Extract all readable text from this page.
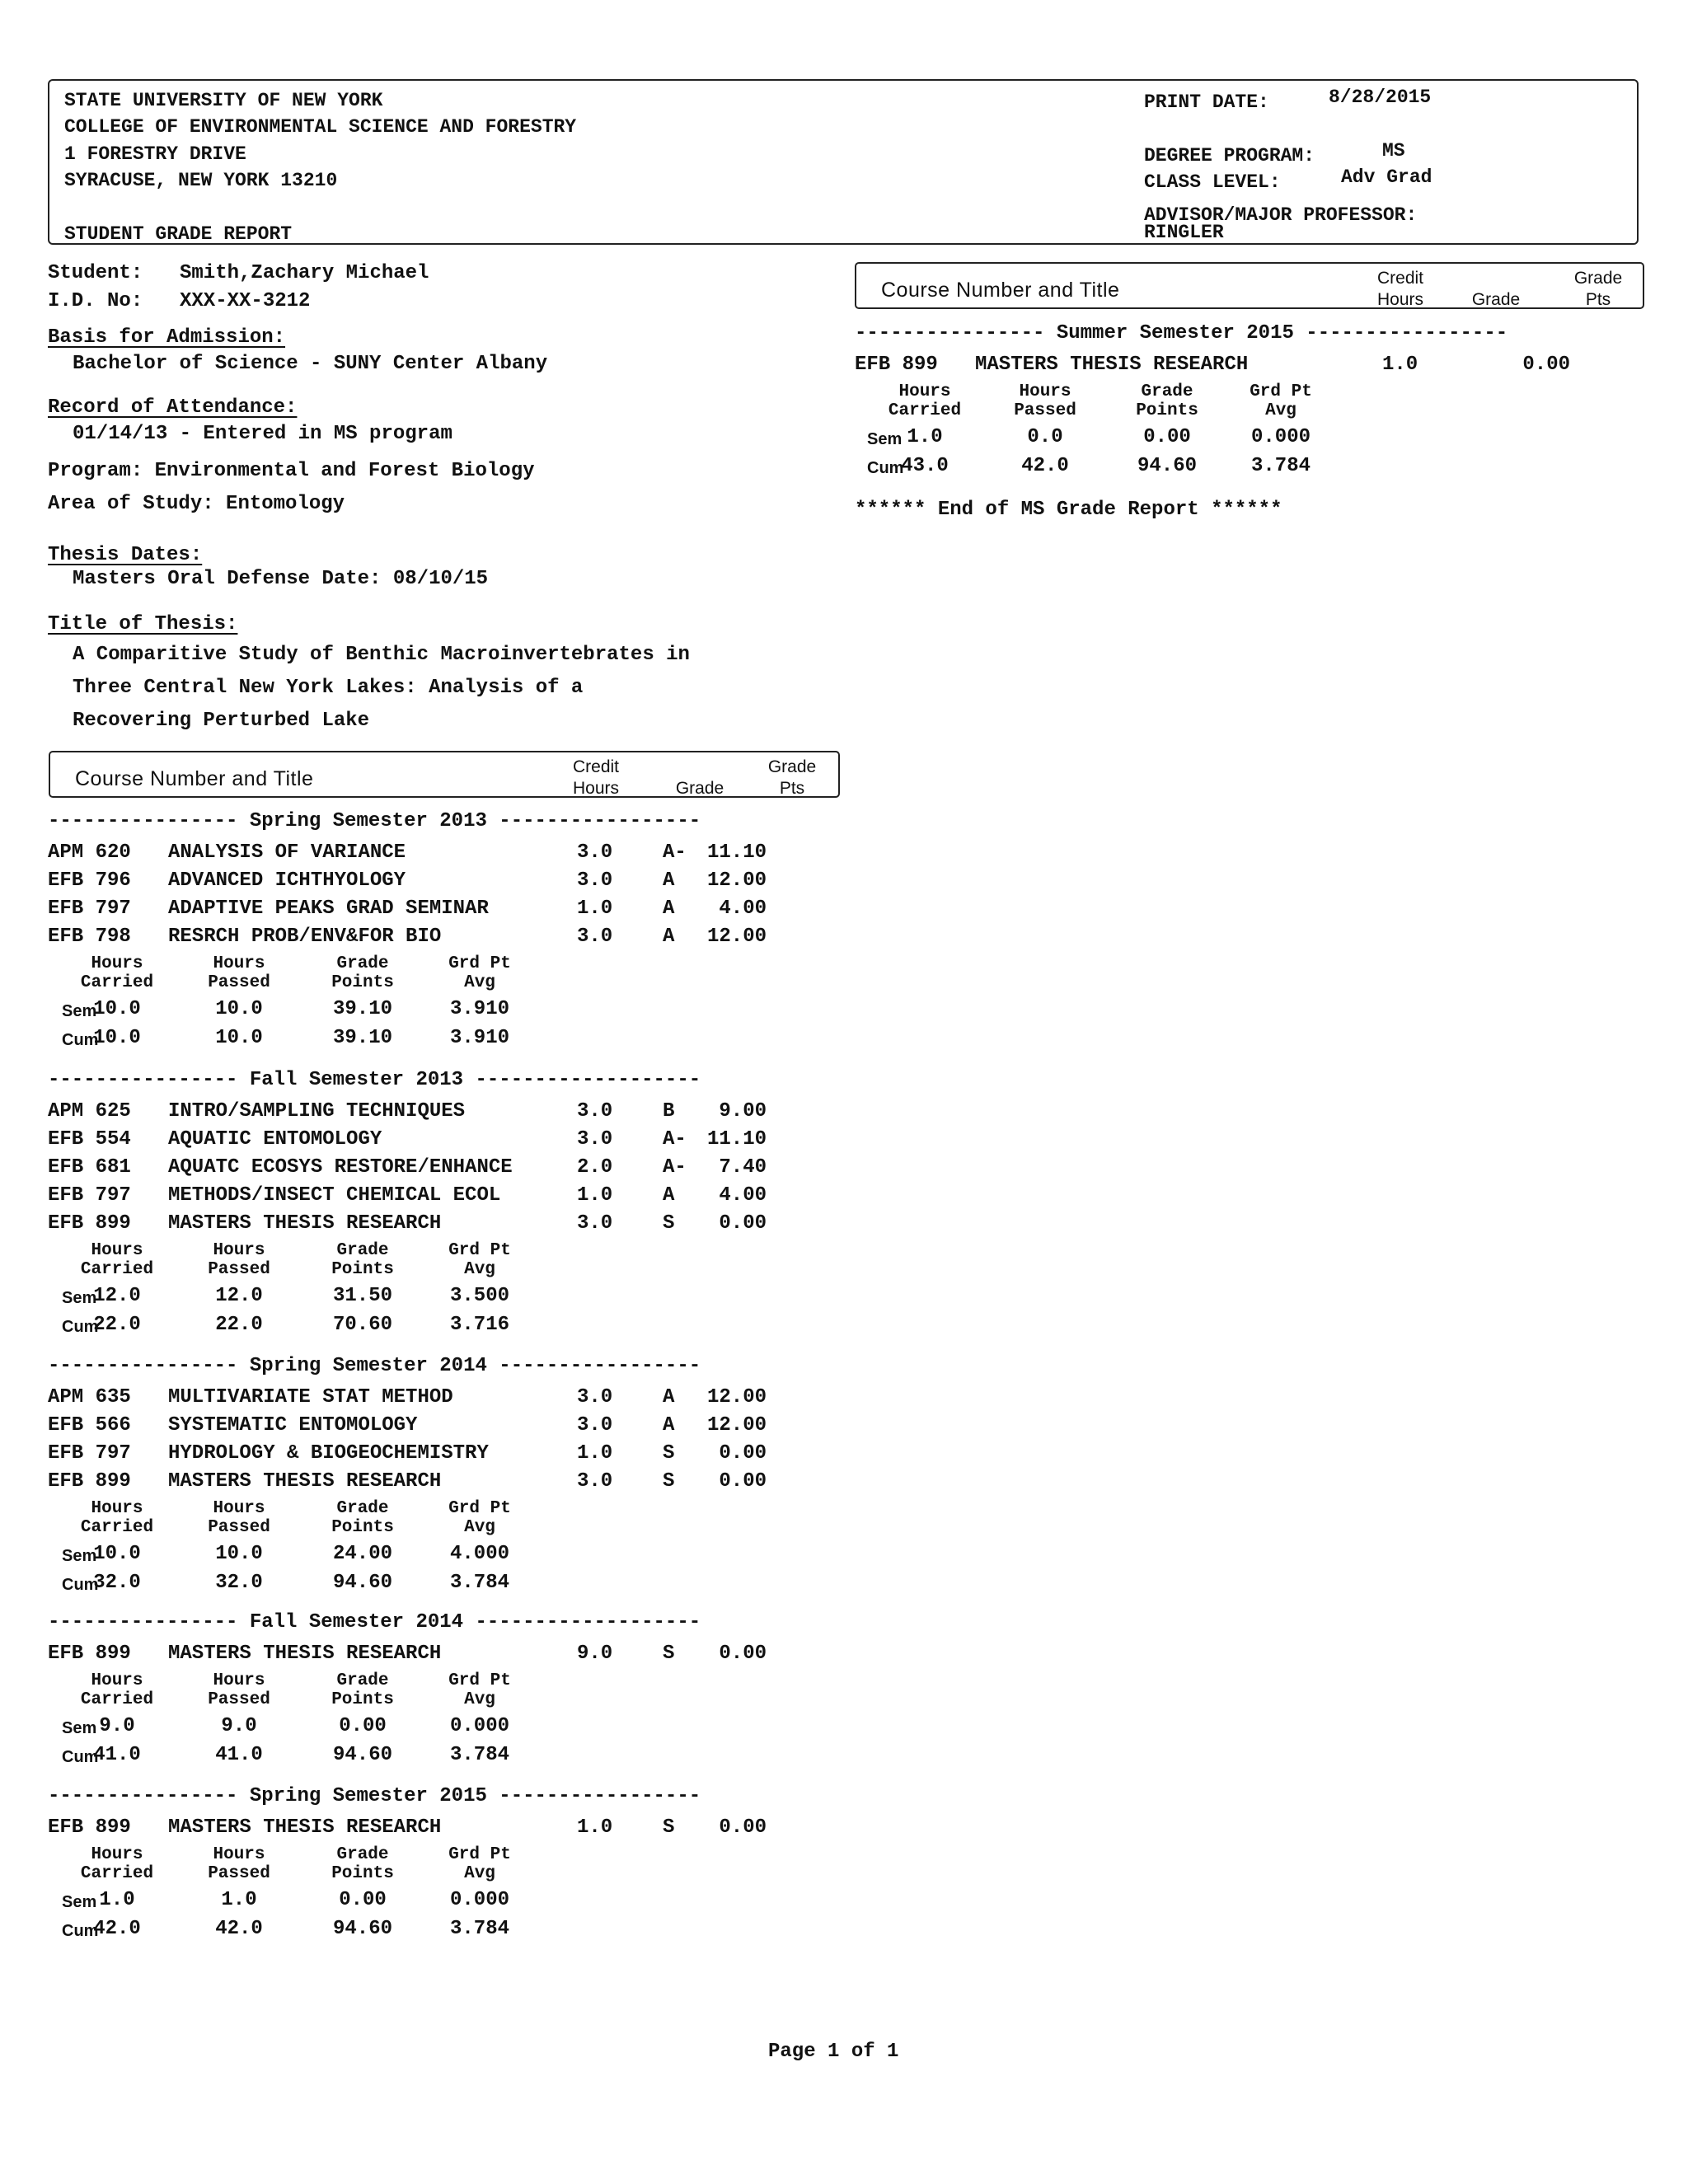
STATE UNIVERSITY OF NEW YORK
COLLEGE OF ENVIRONMENTAL SCIENCE AND FORESTRY
1 FORESTRY DRIVE
SYRACUSE, NEW YORK 13210
STUDENT GRADE REPORT
PRINT DATE:	8/28/2015
DEGREE PROGRAM:	MS
CLASS LEVEL:	Adv Grad
ADVISOR/MAJOR PROFESSOR:
RINGLER
Student: Smith,Zachary Michael
I.D. No: XXX-XX-3212
Basis for Admission:
Bachelor of Science - SUNY Center Albany
Record of Attendance:
01/14/13 - Entered in MS program
Program: Environmental and Forest Biology
Area of Study: Entomology
Thesis Dates:
Masters Oral Defense Date: 08/10/15
Title of Thesis:
A Comparitive Study of Benthic Macroinvertebrates in
Three Central New York Lakes: Analysis of a
Recovering Perturbed Lake
Course Number and Title
Credit
Hours	Grade
Grade
Pts
Course Number and Title
Credit
Hours	Grade
Grade
Pts
---------------- Spring Semester 2013 -----------------
APM 620 ANALYSIS OF VARIANCE	3.0	A-	11.10
EFB 796 ADVANCED ICHTHYOLOGY	3.0	A	12.00
EFB 797 ADAPTIVE PEAKS GRAD SEMINAR	1.0	A	4.00
EFB 798 RESRCH PROB/ENV&FOR BIO	3.0	A	12.00
Hours
Carried
Hours
Passed
Grade
Points
Grd Pt
Avg
Sem
10.0	10.0	39.10	3.910
Cum
10.0	10.0	39.10	3.910
---------------- Fall Semester 2013 -------------------
APM 625 INTRO/SAMPLING TECHNIQUES	3.0	B	9.00
EFB 554 AQUATIC ENTOMOLOGY	3.0	A-	11.10
EFB 681 AQUATC ECOSYS RESTORE/ENHANCE	2.0	A-	7.40
EFB 797 METHODS/INSECT CHEMICAL ECOL	1.0	A	4.00
EFB 899 MASTERS THESIS RESEARCH	3.0	S	0.00
Hours
Carried
Hours
Passed
Grade
Points
Grd Pt
Avg
Sem
12.0	12.0	31.50	3.500
Cum
22.0	22.0	70.60	3.716
---------------- Spring Semester 2014 -----------------
APM 635 MULTIVARIATE STAT METHOD	3.0	A	12.00
EFB 566 SYSTEMATIC ENTOMOLOGY	3.0	A	12.00
EFB 797 HYDROLOGY & BIOGEOCHEMISTRY	1.0	S	0.00
EFB 899 MASTERS THESIS RESEARCH	3.0	S	0.00
Hours
Carried
Hours
Passed
Grade
Points
Grd Pt
Avg
Sem
10.0	10.0	24.00	4.000
Cum
32.0	32.0	94.60	3.784
---------------- Fall Semester 2014 -------------------
EFB 899 MASTERS THESIS RESEARCH	9.0	S	0.00
Hours
Carried
Hours
Passed
Grade
Points
Grd Pt
Avg
Sem 9.0	9.0	0.00	0.000
Cum
41.0	41.0	94.60	3.784
---------------- Spring Semester 2015 -----------------
EFB 899 MASTERS THESIS RESEARCH	1.0	S	0.00
Hours
Carried
Hours
Passed
Grade
Points
Grd Pt
Avg
Sem 1.0	1.0	0.00	0.000
Cum
42.0	42.0	94.60	3.784
---------------- Summer Semester 2015 -----------------
EFB 899 MASTERS THESIS RESEARCH	1.0	0.00
Hours
Carried
Hours
Passed
Grade
Points
Grd Pt
Avg
Sem 1.0	0.0	0.00	0.000
Cum
43.0	42.0	94.60	3.784
****** End of MS Grade Report ******
Page 1 of 1
